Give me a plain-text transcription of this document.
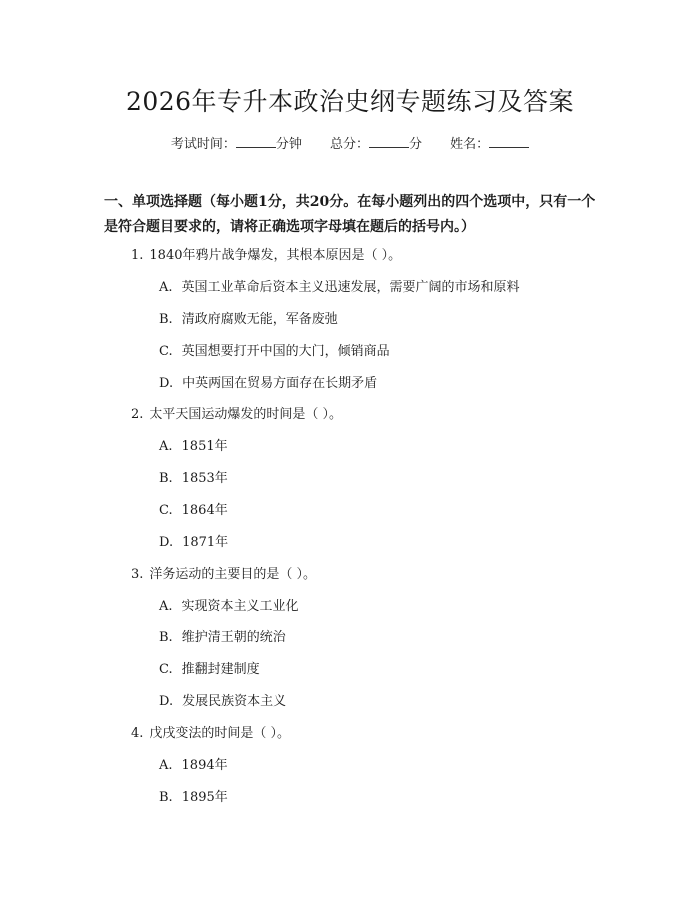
2026年专升本政治史纲专题练习及答案
考试时间：	分钟 总分：	分 姓名：
一、单项选择题（每小题1分，共20分。在每小题列出的四个选项中，只有一个是符合题目要求的，请将正确选项字母填在题后的括号内。）
1. 1840年鸦片战争爆发，其根本原因是（ ）。
A. 英国工业革命后资本主义迅速发展，需要广阔的市场和原料
B. 清政府腐败无能，军备废弛
C. 英国想要打开中国的大门，倾销商品
D. 中英两国在贸易方面存在长期矛盾
2. 太平天国运动爆发的时间是（ ）。
A. 1851年
B. 1853年
C. 1864年
D. 1871年
3. 洋务运动的主要目的是（ ）。
A. 实现资本主义工业化
B. 维护清王朝的统治
C. 推翻封建制度
D. 发展民族资本主义
4. 戊戌变法的时间是（ ）。
A. 1894年
B. 1895年
